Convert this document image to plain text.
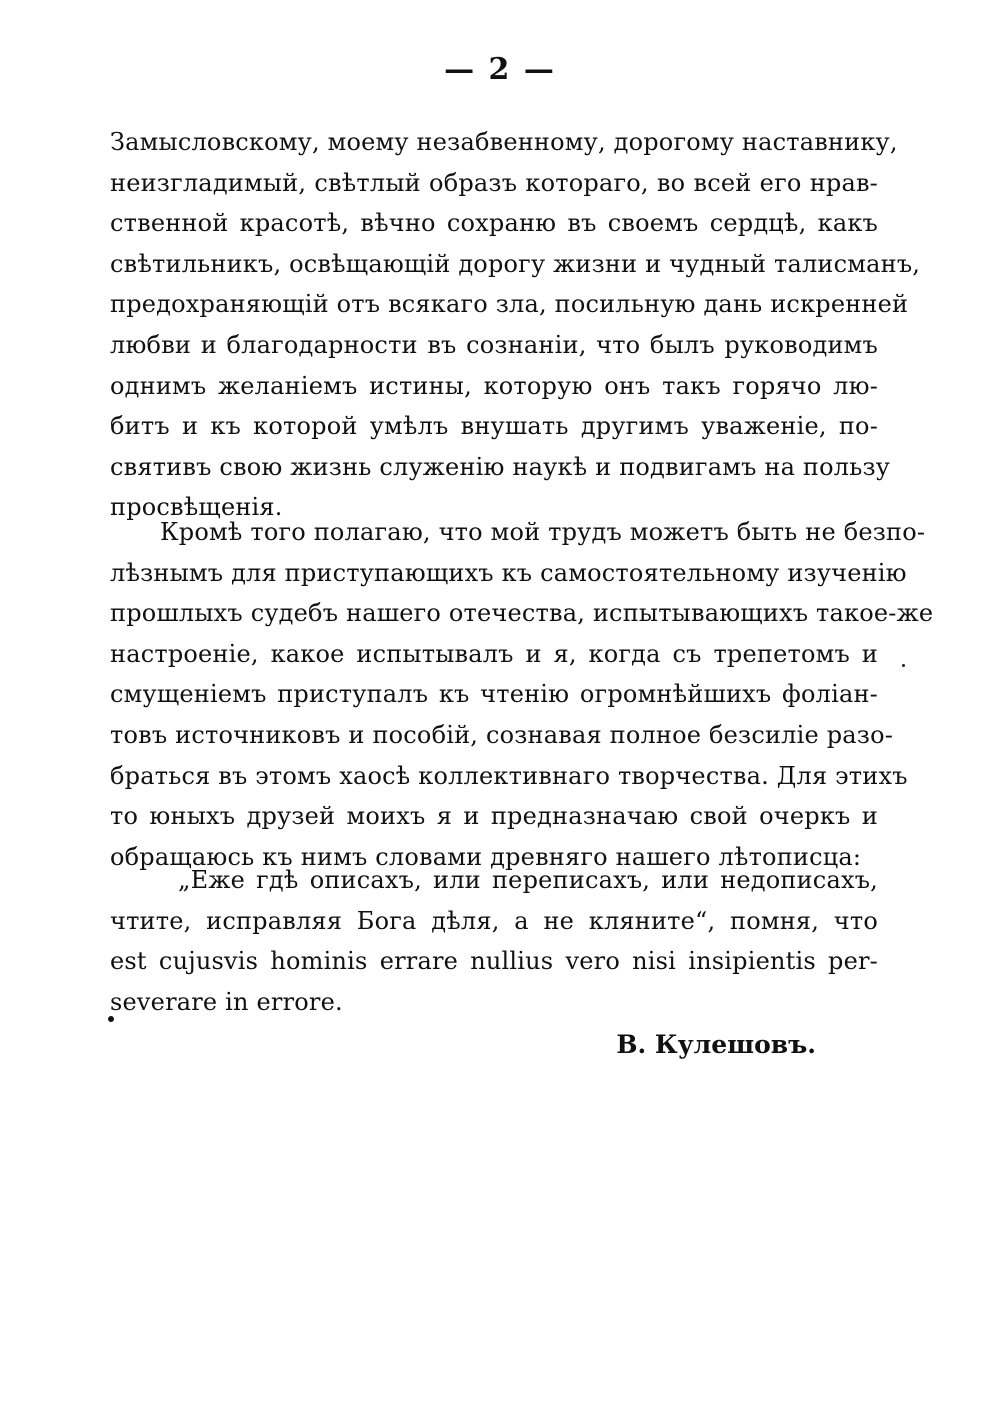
— 2 —
Замысловскому, моему незабвенному, дорогому наставнику,
неизгладимый, свѣтлый образъ котораго, во всей его нрав-
ственной красотѣ, вѣчно сохраню въ своемъ сердцѣ, какъ
свѣтильникъ, освѣщающій дорогу жизни и чудный талисманъ,
предохраняющій отъ всякаго зла, посильную дань искренней
любви и благодарности въ сознаніи, что былъ руководимъ
однимъ желаніемъ истины, которую онъ такъ горячо лю-
битъ и къ которой умѣлъ внушать другимъ уваженіе, по-
святивъ свою жизнь служенію наукѣ и подвигамъ на пользу
просвѣщенія.
Кромѣ того полагаю, что мой трудъ можетъ быть не безпо-
лѣзнымъ для приступающихъ къ самостоятельному изученію
прошлыхъ судебъ нашего отечества, испытывающихъ такое-же
настроеніе, какое испытывалъ и я, когда съ трепетомъ и
смущеніемъ приступалъ къ чтенію огромнѣйшихъ фоліан-
товъ источниковъ и пособій, сознавая полное безсиліе разо-
браться въ этомъ хаосѣ коллективнаго творчества. Для этихъ
то юныхъ друзей моихъ я и предназначаю свой очеркъ и
обращаюсь къ нимъ словами древняго нашего лѣтописца:
„Еже гдѣ описахъ, или переписахъ, или недописахъ,
чтите, исправляя Бога дѣля, а не кляните“, помня, что
est cujusvis hominis errare nullius vero nisi insipientis per-
severare in errore.
В. Кулешовъ.
